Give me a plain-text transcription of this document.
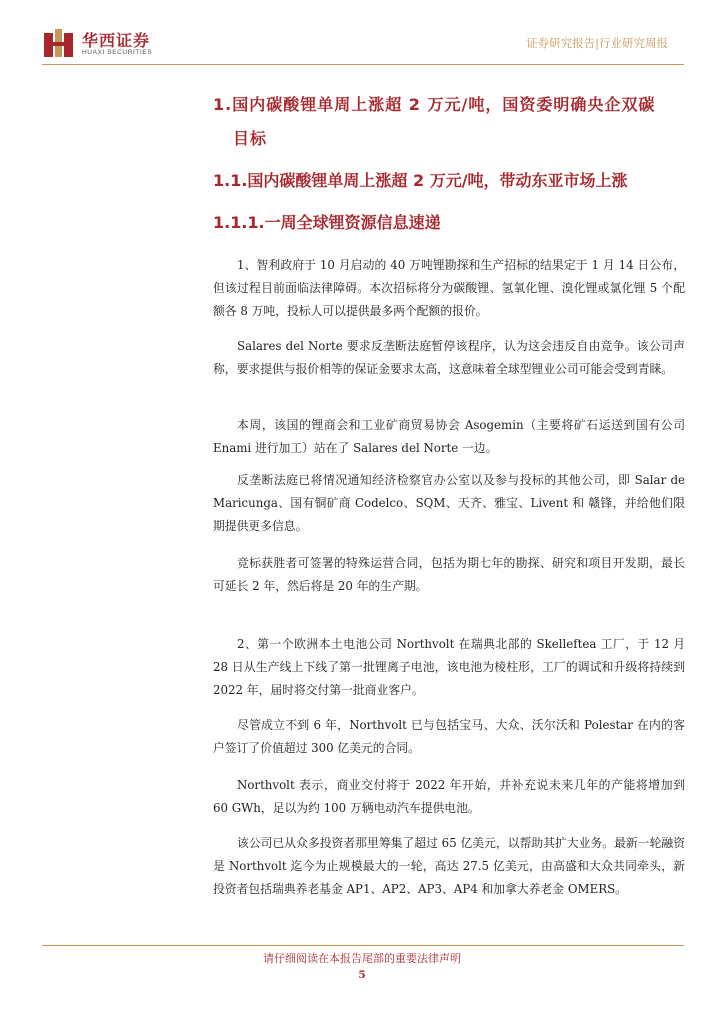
华西证券
HUAXI SECURITIES
证券研究报告|行业研究周报
1.国内碳酸锂单周上涨超 2 万元/吨，国资委明确央企双碳
目标
1.1.国内碳酸锂单周上涨超 2 万元/吨，带动东亚市场上涨
1.1.1.一周全球锂资源信息速递

1、智利政府于 10 月启动的 40 万吨锂勘探和生产招标的结果定于 1 月 14 日公布，但该过程目前面临法律障碍。本次招标将分为碳酸锂、氢氧化锂、溴化锂或氯化锂 5 个配额各 8 万吨，投标人可以提供最多两个配额的报价。

Salares del Norte 要求反垄断法庭暂停该程序，认为这会违反自由竞争。该公司声称，要求提供与报价相等的保证金要求太高，这意味着全球型锂业公司可能会受到青睐。

本周，该国的锂商会和工业矿商贸易协会 Asogemin（主要将矿石运送到国有公司 Enami 进行加工）站在了 Salares del Norte 一边。

反垄断法庭已将情况通知经济检察官办公室以及参与投标的其他公司，即 Salar de Maricunga、国有铜矿商 Codelco、SQM、天齐、雅宝、Livent 和 赣锋，并给他们限期提供更多信息。

竞标获胜者可签署的特殊运营合同，包括为期七年的勘探、研究和项目开发期，最长可延长 2 年，然后将是 20 年的生产期。

2、第一个欧洲本土电池公司 Northvolt 在瑞典北部的 Skellefteа 工厂，于 12 月 28 日从生产线上下线了第一批锂离子电池，该电池为棱柱形，工厂的调试和升级将持续到 2022 年，届时将交付第一批商业客户。

尽管成立不到 6 年，Northvolt 已与包括宝马、大众、沃尔沃和 Polestar 在内的客户签订了价值超过 300 亿美元的合同。

Northvolt 表示，商业交付将于 2022 年开始，并补充说未来几年的产能将增加到 60 GWh，足以为约 100 万辆电动汽车提供电池。

该公司已从众多投资者那里筹集了超过 65 亿美元，以帮助其扩大业务。最新一轮融资是 Northvolt 迄今为止规模最大的一轮，高达 27.5 亿美元，由高盛和大众共同牵头，新投资者包括瑞典养老基金 AP1、AP2、AP3、AP4 和加拿大养老金 OMERS。

请仔细阅读在本报告尾部的重要法律声明
5
